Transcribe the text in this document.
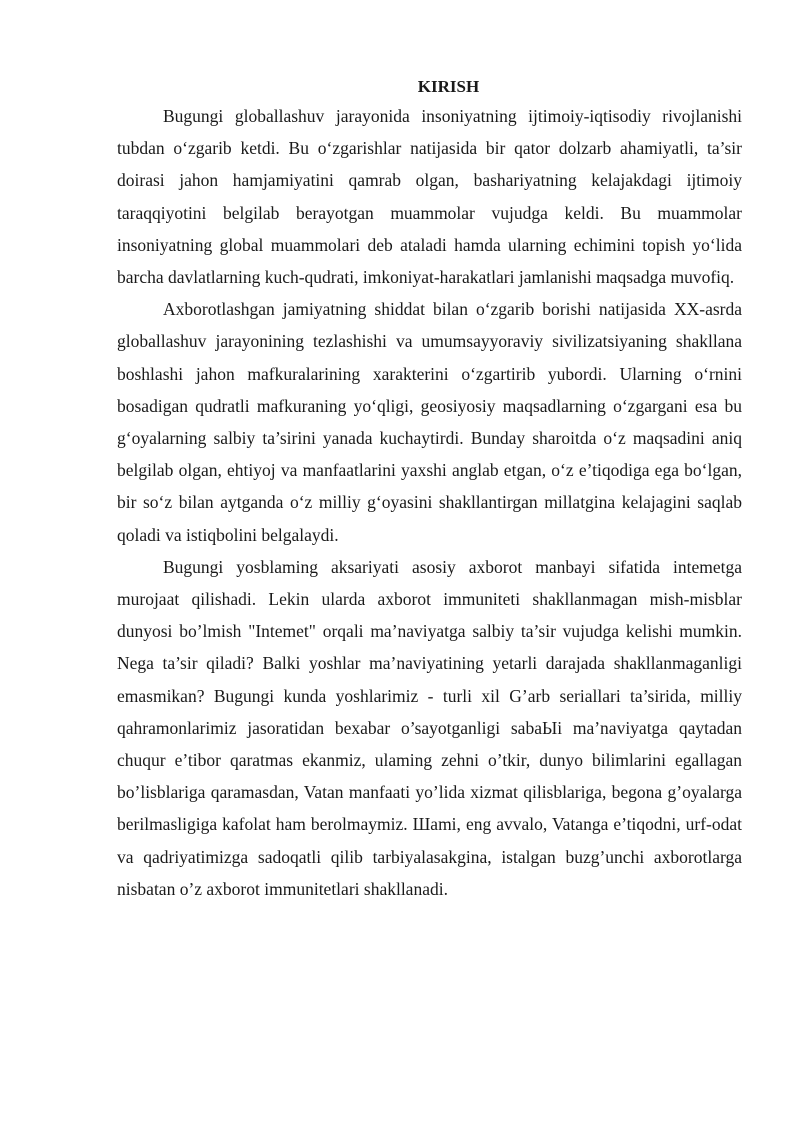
KIRISH

Bugungi globallashuv jarayonida insoniyatning ijtimoiy-iqtisodiy rivojlanishi tubdan o‘zgarib ketdi. Bu o‘zgarishlar natijasida bir qator dolzarb ahamiyatli, ta’sir doirasi jahon hamjamiyatini qamrab olgan, bashariyatning kelajakdagi ijtimoiy taraqqiyotini belgilab berayotgan muammolar vujudga keldi. Bu muammolar insoniyatning global muammolari deb ataladi hamda ularning echimini topish yo‘lida barcha davlatlarning kuch-qudrati, imkoniyat-harakatlari jamlanishi maqsadga muvofiq.

Axborotlashgan jamiyatning shiddat bilan o‘zgarib borishi natijasida XX-asrda globallashuv jarayonining tezlashishi va umumsayyoraviy sivilizatsiyaning shakllana boshlashi jahon mafkuralarining xarakterini o‘zgartirib yubordi. Ularning o‘rnini bosadigan qudratli mafkuraning yo‘qligi, geosiyosiy maqsadlarning o‘zgargani esa bu g‘oyalarning salbiy ta’sirini yanada kuchaytirdi. Bunday sharoitda o‘z maqsadini aniq belgilab olgan, ehtiyoj va manfaatlarini yaxshi anglab etgan, o‘z e’tiqodiga ega bo‘lgan, bir so‘z bilan aytganda o‘z milliy g‘oyasini shakllantirgan millatgina kelajagini saqlab qoladi va istiqbolini belgalaydi.

Bugungi yosblaming aksariyati asosiy axborot manbayi sifatida intemetga murojaat qilishadi. Lekin ularda axborot immuniteti shakllanmagan mish-misblar dunyosi bo’lmish "Intemet" orqali ma’naviyatga salbiy ta’sir vujudga kelishi mumkin. Nega ta’sir qiladi? Balki yoshlar ma’naviyatining yetarli darajada shakllanmaganligi emasmikan? Bugungi kunda yoshlarimiz - turli xil G’arb seriallari ta’sirida, milliy qahramonlarimiz jasoratidan bexabar o’sayotganligi sabaЫi ma’naviyatga qaytadan chuqur e’tibor qaratmas ekanmiz, ulaming zehni o’tkir, dunyo bilimlarini egallagan bo’lisblariga qaramasdan, Vatan manfaati yo’lida xizmat qilisblariga, begona g’oyalarga berilmasligiga kafolat ham berolmaymiz. Шami, eng avvalo, Vatanga e’tiqodni, urf-odat va qadriyatimizga sadoqatli qilib tarbiyalasakgina, istalgan buzg’unchi axborotlarga nisbatan o’z axborot immunitetlari shakllanadi.
